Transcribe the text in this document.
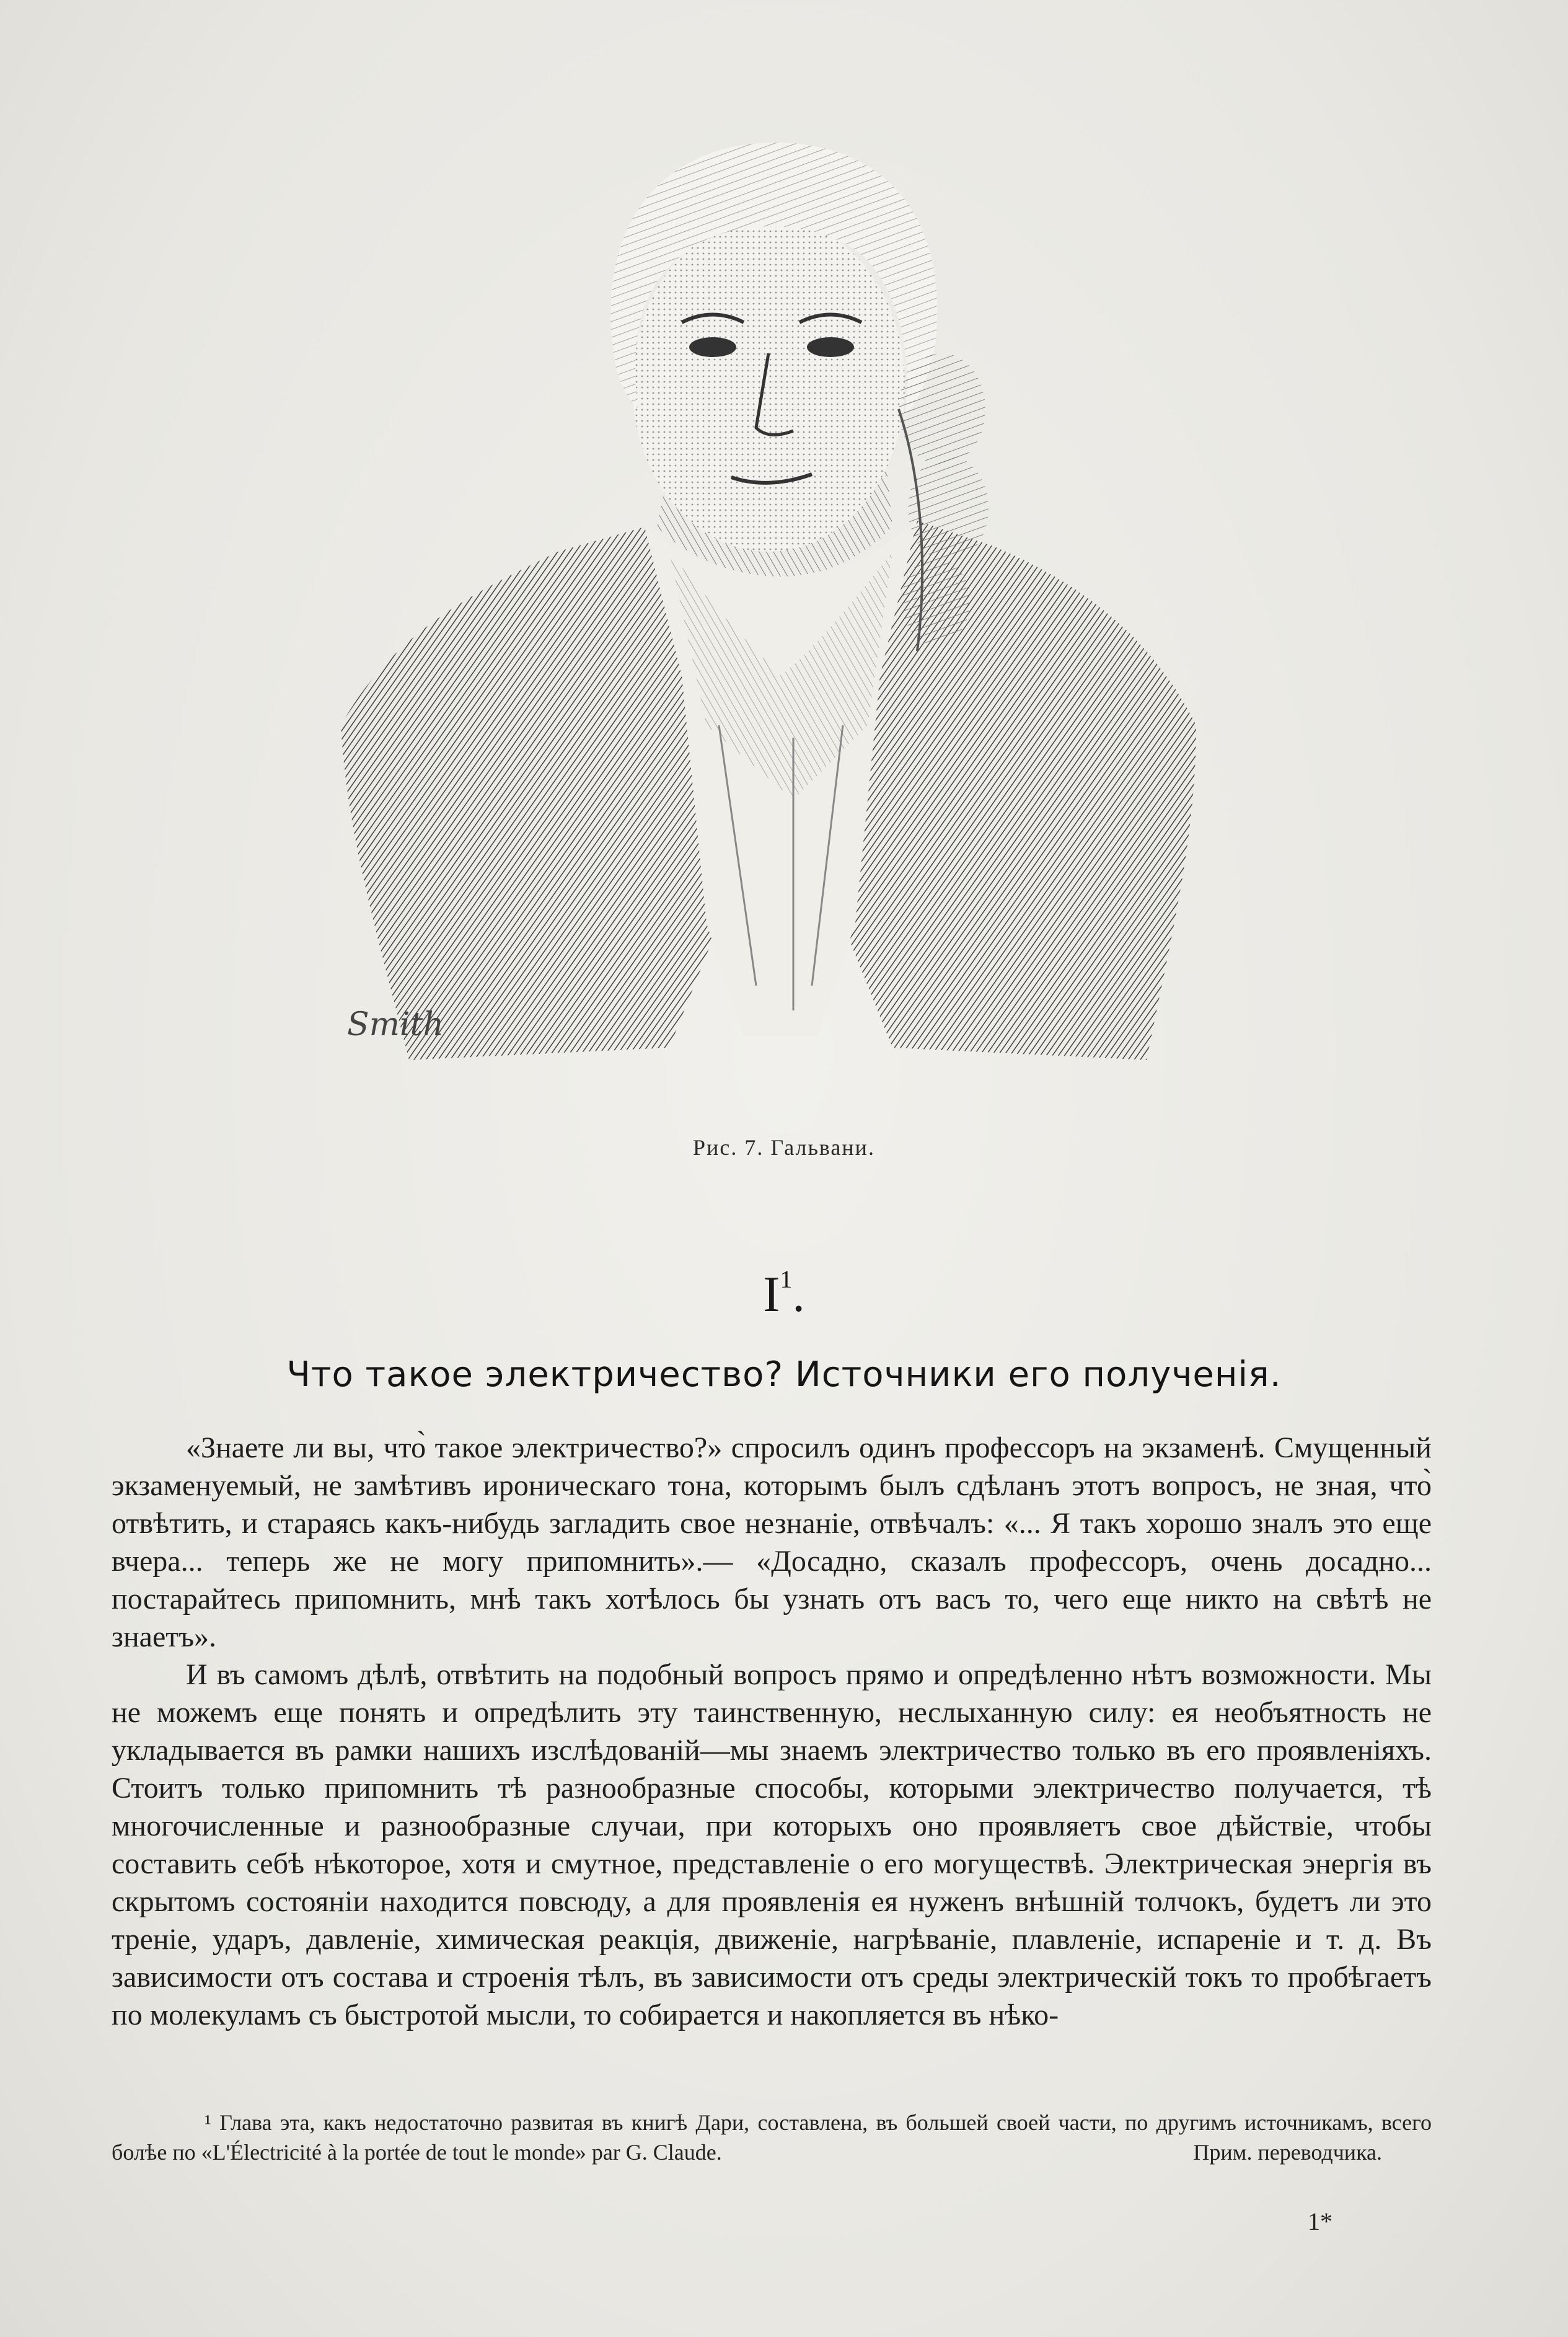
Smith
Рис. 7. Гальвани.
$I^1$.
Что такое электричество? Источники его полученія.

«Знаете ли вы, что̀ такое электричество?» спросилъ одинъ профессоръ на экзаменѣ. Смущенный экзаменуемый, не замѣтивъ ироническаго тона, которымъ былъ сдѣланъ этотъ вопросъ, не зная, что̀ отвѣтить, и стараясь какъ-нибудь загладить свое незнаніе, отвѣчалъ: «... Я такъ хорошо зналъ это еще вчера... теперь же не могу припомнить».— «Досадно, сказалъ профессоръ, очень досадно... постарайтесь припомнить, мнѣ такъ хотѣлось бы узнать отъ васъ то, чего еще никто на свѣтѣ не знаетъ».

И въ самомъ дѣлѣ, отвѣтить на подобный вопросъ прямо и опредѣленно нѣтъ возможности. Мы не можемъ еще понять и опредѣлить эту таинственную, неслыханную силу: ея необъятность не укладывается въ рамки нашихъ изслѣдованій—мы знаемъ электричество только въ его проявленіяхъ. Стоитъ только припомнить тѣ разнообразные способы, которыми электричество получается, тѣ многочисленные и разнообразные случаи, при которыхъ оно проявляетъ свое дѣйствіе, чтобы составить себѣ нѣкоторое, хотя и смутное, представленіе о его могуществѣ. Электрическая энергія въ скрытомъ состояніи находится повсюду, а для проявленія ея нуженъ внѣшній толчокъ, будетъ ли это треніе, ударъ, давленіе, химическая реакція, движеніе, нагрѣваніе, плавленіе, испареніе и т. д. Въ зависимости отъ состава и строенія тѣлъ, въ зависимости отъ среды электрическій токъ то пробѣгаетъ по молекуламъ съ быстротой мысли, то собирается и накопляется въ нѣко-

¹ Глава эта, какъ недостаточно развитая въ книгѣ Дари, составлена, въ большей своей части, по другимъ источникамъ, всего болѣе по «L'Électricité à la portée de tout le monde» par G. Claude.	Прим. переводчика.
1*
